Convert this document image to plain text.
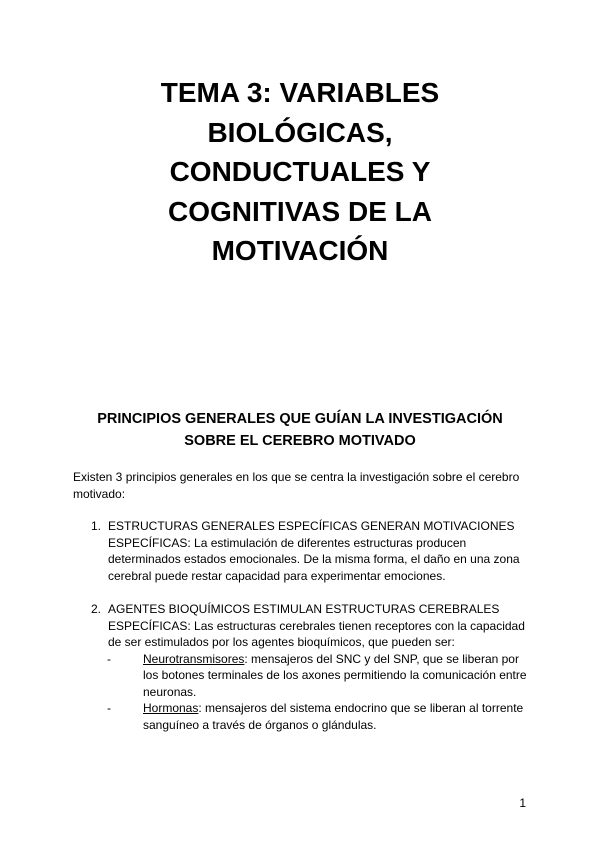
TEMA 3: VARIABLES
BIOLÓGICAS,
CONDUCTUALES Y
COGNITIVAS DE LA
MOTIVACIÓN
PRINCIPIOS GENERALES QUE GUÍAN LA INVESTIGACIÓN
SOBRE EL CEREBRO MOTIVADO

Existen 3 principios generales en los que se centra la investigación sobre el cerebro motivado:

1. ESTRUCTURAS GENERALES ESPECÍFICAS GENERAN MOTIVACIONES ESPECÍFICAS: La estimulación de diferentes estructuras producen determinados estados emocionales. De la misma forma, el daño en una zona cerebral puede restar capacidad para experimentar emociones.
2. AGENTES BIOQUÍMICOS ESTIMULAN ESTRUCTURAS CEREBRALES ESPECÍFICAS: Las estructuras cerebrales tienen receptores con la capacidad de ser estimulados por los agentes bioquímicos, que pueden ser:
-	Neurotransmisores: mensajeros del SNC y del SNP, que se liberan por los botones terminales de los axones permitiendo la comunicación entre neuronas.
-	Hormonas: mensajeros del sistema endocrino que se liberan al torrente sanguíneo a través de órganos o glándulas.
1
